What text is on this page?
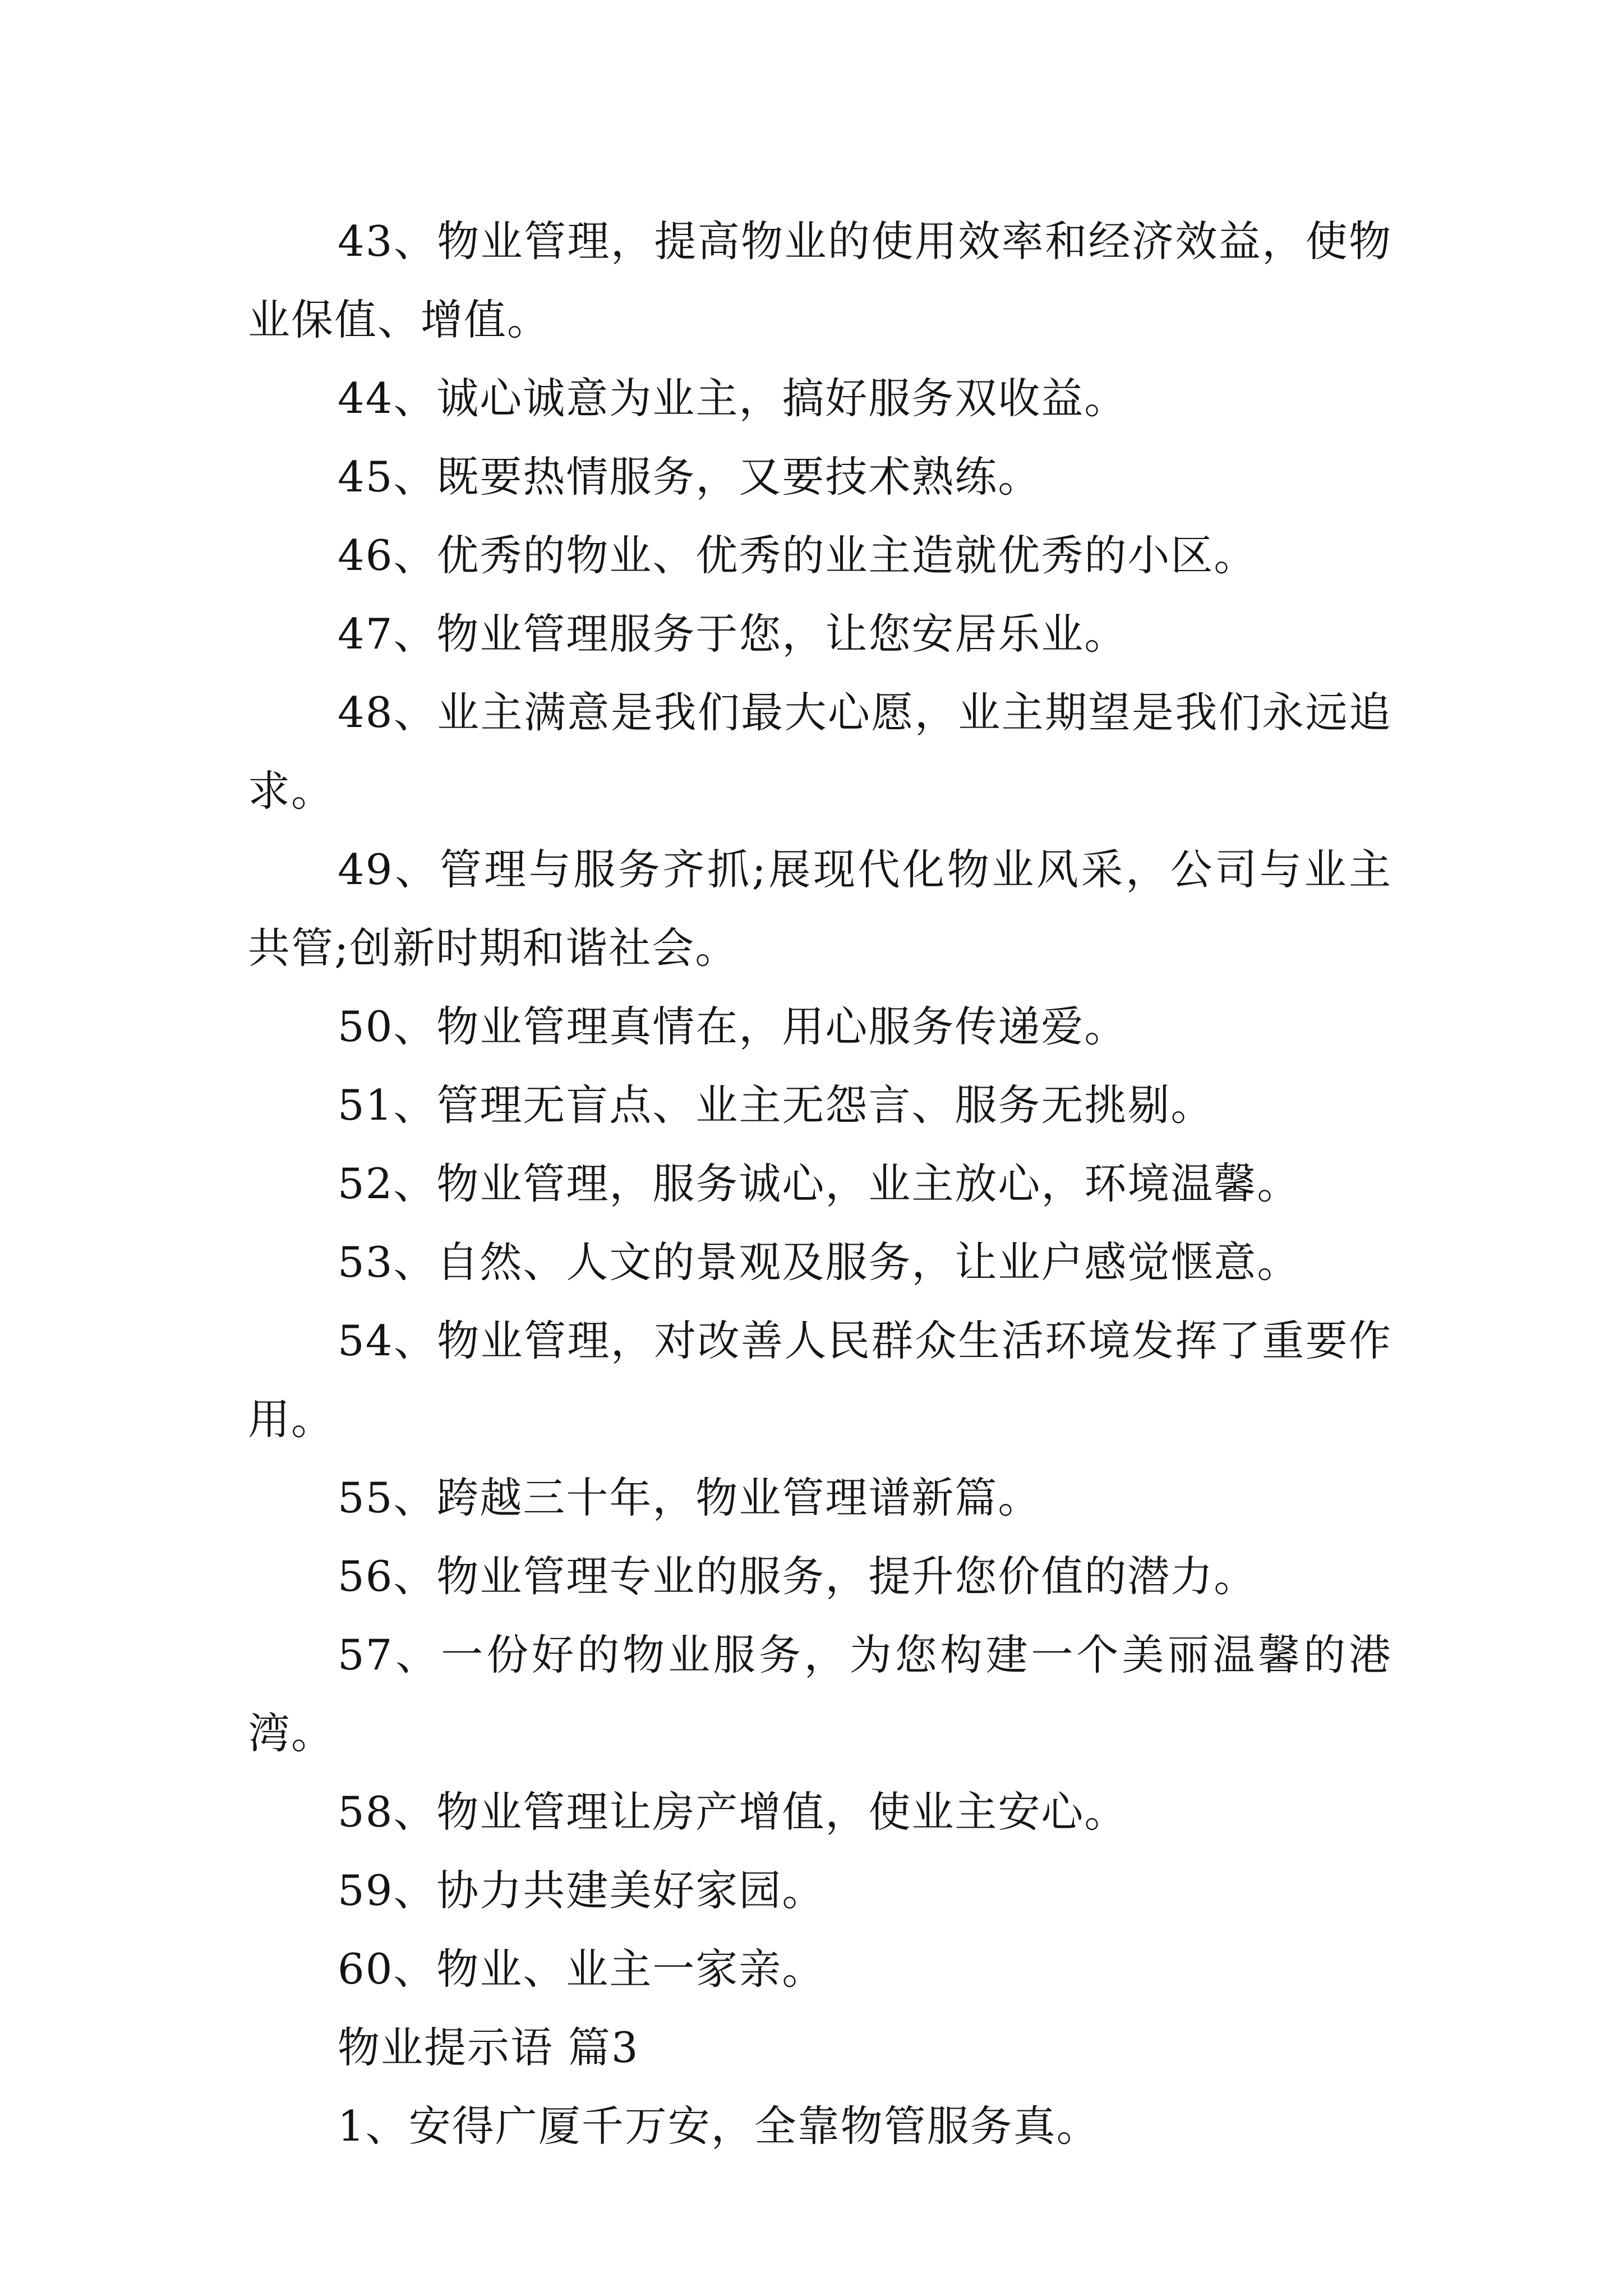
43、物业管理，提高物业的使用效率和经济效益，使物业保值、增值。

44、诚心诚意为业主，搞好服务双收益。

45、既要热情服务，又要技术熟练。

46、优秀的物业、优秀的业主造就优秀的小区。

47、物业管理服务于您，让您安居乐业。

48、业主满意是我们最大心愿，业主期望是我们永远追求。

49、管理与服务齐抓;展现代化物业风采，公司与业主共管;创新时期和谐社会。

50、物业管理真情在，用心服务传递爱。

51、管理无盲点、业主无怨言、服务无挑剔。

52、物业管理，服务诚心，业主放心，环境温馨。

53、自然、人文的景观及服务，让业户感觉惬意。

54、物业管理，对改善人民群众生活环境发挥了重要作用。

55、跨越三十年，物业管理谱新篇。

56、物业管理专业的服务，提升您价值的潜力。

57、一份好的物业服务，为您构建一个美丽温馨的港湾。

58、物业管理让房产增值，使业主安心。

59、协力共建美好家园。

60、物业、业主一家亲。

物业提示语 篇3

1、安得广厦千万安，全靠物管服务真。
